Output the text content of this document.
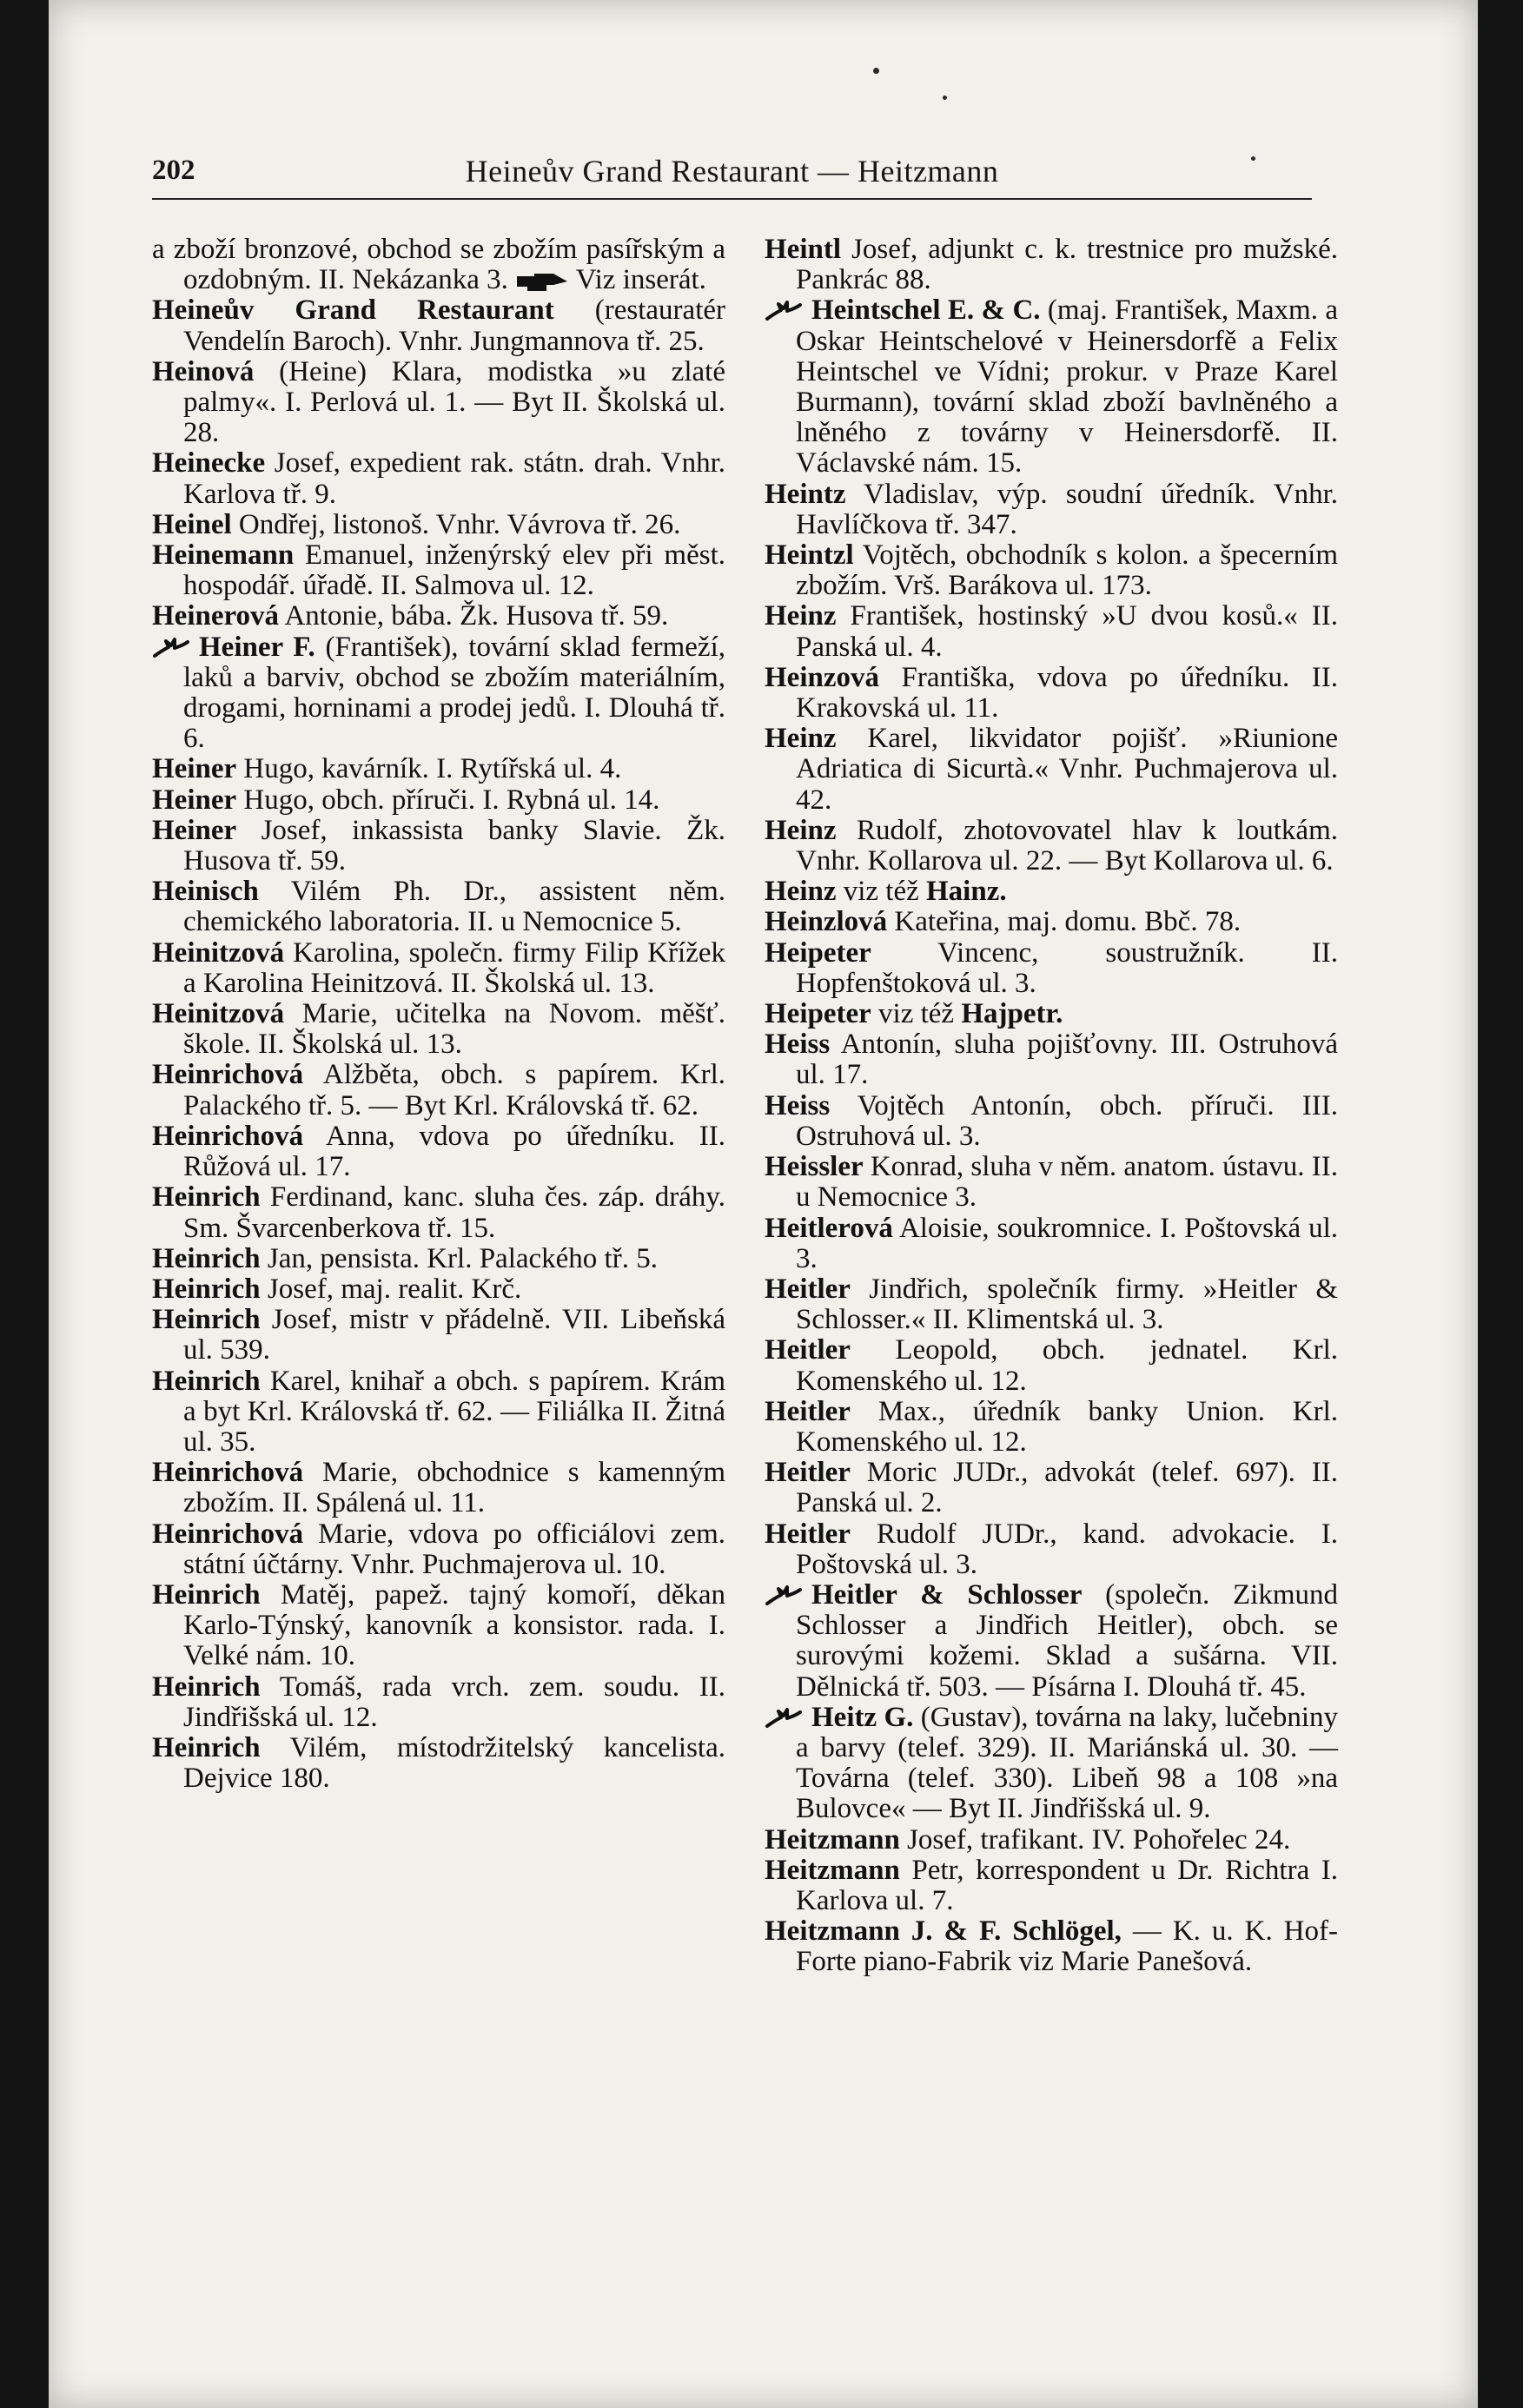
202	Heineův Grand Restaurant — Heitzmann
a zboží bronzové, obchod se zbožím pasířským a ozdobným. II. Nekázanka 3.
Viz inserát.
Heineův Grand Restaurant (restauratér Vendelín Baroch). Vnhr. Jungmannova tř. 25.
Heinová (Heine) Klara, modistka »u zlaté palmy«. I. Perlová ul. 1. — Byt II. Školská ul. 28.
Heinecke Josef, expedient rak. státn. drah. Vnhr. Karlova tř. 9.
Heinel Ondřej, listonoš. Vnhr. Vávrova tř. 26.
Heinemann Emanuel, inženýrský elev při měst. hospodář. úřadě. II. Salmova ul. 12.
Heinerová Antonie, bába. Žk. Husova tř. 59.
Heiner F. (František), tovární sklad fermeží, laků a barviv, obchod se zbožím materiálním, drogami, horninami a prodej jedů. I. Dlouhá tř. 6.
Heiner Hugo, kavárník. I. Rytířská ul. 4.
Heiner Hugo, obch. příruči. I. Rybná ul. 14.
Heiner Josef, inkassista banky Slavie. Žk. Husova tř. 59.
Heinisch Vilém Ph. Dr., assistent něm. chemického laboratoria. II. u Nemocnice 5.
Heinitzová Karolina, společn. firmy Filip Křížek a Karolina Heinitzová. II. Školská ul. 13.
Heinitzová Marie, učitelka na Novom. měšť. škole. II. Školská ul. 13.
Heinrichová Alžběta, obch. s papírem. Krl. Palackého tř. 5. — Byt Krl. Královská tř. 62.
Heinrichová Anna, vdova po úředníku. II. Růžová ul. 17.
Heinrich Ferdinand, kanc. sluha čes. záp. dráhy. Sm. Švarcenberkova tř. 15.
Heinrich Jan, pensista. Krl. Palackého tř. 5.
Heinrich Josef, maj. realit. Krč.
Heinrich Josef, mistr v přádelně. VII. Libeňská ul. 539.
Heinrich Karel, knihař a obch. s papírem. Krám a byt Krl. Královská tř. 62. — Filiálka II. Žitná ul. 35.
Heinrichová Marie, obchodnice s kamenným zbožím. II. Spálená ul. 11.
Heinrichová Marie, vdova po officiálovi zem. státní účtárny. Vnhr. Puchmajerova ul. 10.
Heinrich Matěj, papež. tajný komoří, děkan Karlo-Týnský, kanovník a konsistor. rada. I. Velké nám. 10.
Heinrich Tomáš, rada vrch. zem. soudu. II. Jindřišská ul. 12.
Heinrich Vilém, místodržitelský kancelista. Dejvice 180.
Heintl Josef, adjunkt c. k. trestnice pro mužské. Pankrác 88.
Heintschel E. & C. (maj. František, Maxm. a Oskar Heintschelové v Heinersdorfě a Felix Heintschel ve Vídni; prokur. v Praze Karel Burmann), tovární sklad zboží bavlněného a lněného z továrny v Heinersdorfě. II. Václavské nám. 15.
Heintz Vladislav, výp. soudní úředník. Vnhr. Havlíčkova tř. 347.
Heintzl Vojtěch, obchodník s kolon. a špecerním zbožím. Vrš. Barákova ul. 173.
Heinz František, hostinský »U dvou kosů.« II. Panská ul. 4.
Heinzová Františka, vdova po úředníku. II. Krakovská ul. 11.
Heinz Karel, likvidator pojišť. »Riunione Adriatica di Sicurtà.« Vnhr. Puchmajerova ul. 42.
Heinz Rudolf, zhotovovatel hlav k loutkám. Vnhr. Kollarova ul. 22. — Byt Kollarova ul. 6.
Heinz viz též Hainz.
Heinzlová Kateřina, maj. domu. Bbč. 78.
Heipeter Vincenc, soustružník. II. Hopfenštoková ul. 3.
Heipeter viz též Hajpetr.
Heiss Antonín, sluha pojišťovny. III. Ostruhová ul. 17.
Heiss Vojtěch Antonín, obch. příruči. III. Ostruhová ul. 3.
Heissler Konrad, sluha v něm. anatom. ústavu. II. u Nemocnice 3.
Heitlerová Aloisie, soukromnice. I. Poštovská ul. 3.
Heitler Jindřich, společník firmy. »Heitler & Schlosser.« II. Klimentská ul. 3.
Heitler Leopold, obch. jednatel. Krl. Komenského ul. 12.
Heitler Max., úředník banky Union. Krl. Komenského ul. 12.
Heitler Moric JUDr., advokát (telef. 697). II. Panská ul. 2.
Heitler Rudolf JUDr., kand. advokacie. I. Poštovská ul. 3.
Heitler & Schlosser (společn. Zikmund Schlosser a Jindřich Heitler), obch. se surovými kožemi. Sklad a sušárna. VII. Dělnická tř. 503. — Písárna I. Dlouhá tř. 45.
Heitz G. (Gustav), továrna na laky, lučebniny a barvy (telef. 329). II. Mariánská ul. 30. — Továrna (telef. 330). Libeň 98 a 108 »na Bulovce« — Byt II. Jindřišská ul. 9.
Heitzmann Josef, trafikant. IV. Pohořelec 24.
Heitzmann Petr, korrespondent u Dr. Richtra I. Karlova ul. 7.
Heitzmann J. & F. Schlögel, — K. u. K. Hof-Forte piano-Fabrik viz Marie Panešová.
